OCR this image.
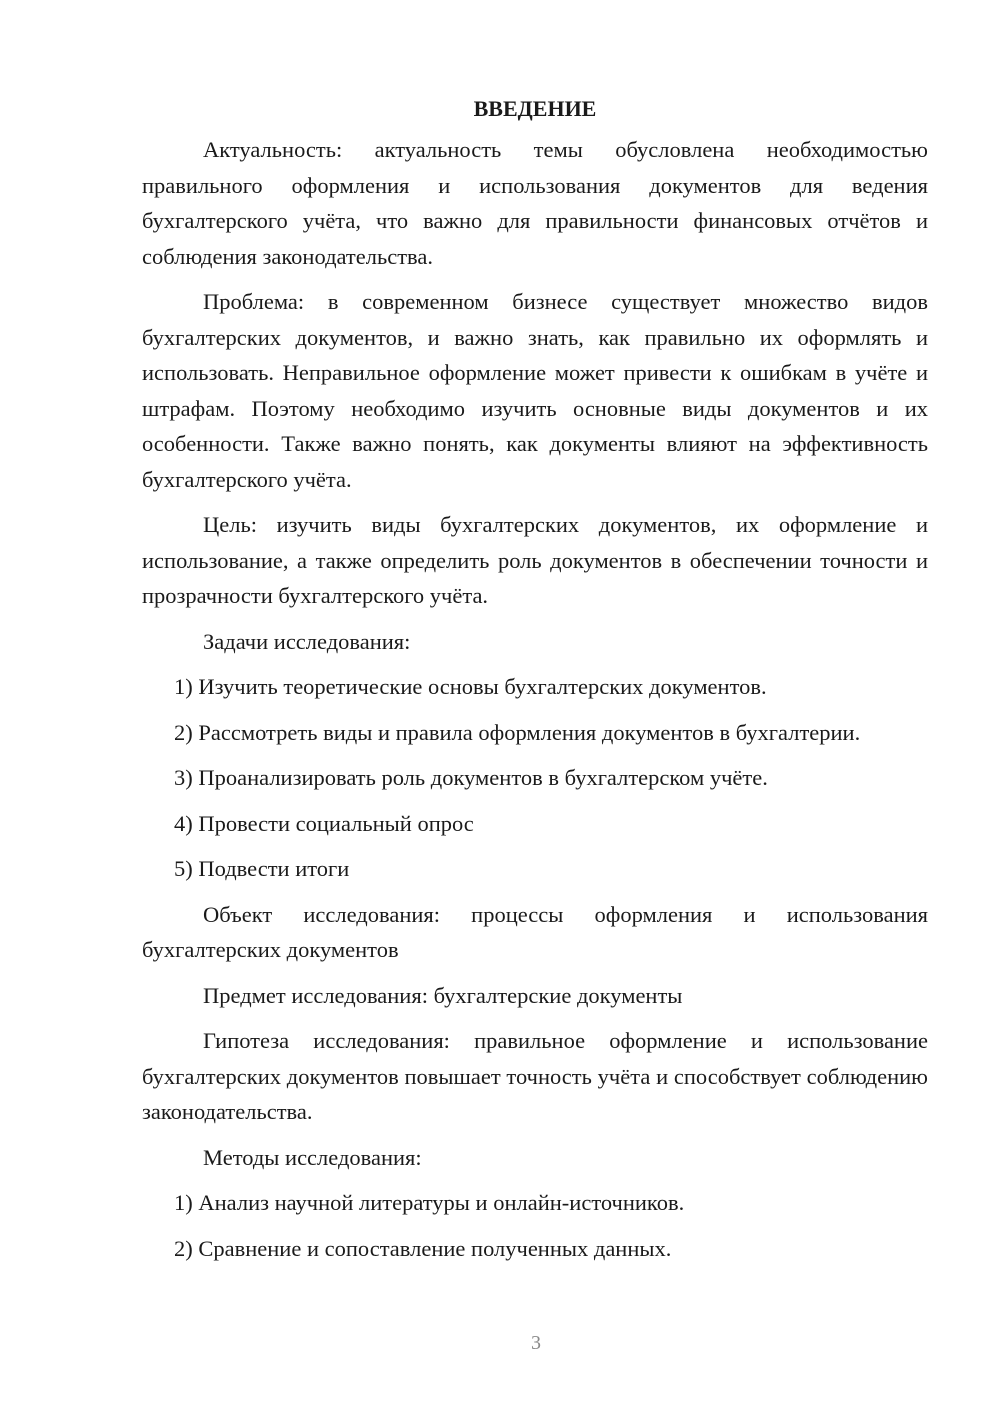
ВВЕДЕНИЕ

Актуальность: актуальность темы обусловлена необходимостью правильного оформления и использования документов для ведения бухгалтерского учёта, что важно для правильности финансовых отчётов и соблюдения законодательства.

Проблема: в современном бизнесе существует множество видов бухгалтерских документов, и важно знать, как правильно их оформлять и использовать. Неправильное оформление может привести к ошибкам в учёте и штрафам. Поэтому необходимо изучить основные виды документов и их особенности. Также важно понять, как документы влияют на эффективность бухгалтерского учёта.

Цель: изучить виды бухгалтерских документов, их оформление и использование, а также определить роль документов в обеспечении точности и прозрачности бухгалтерского учёта.

Задачи исследования:

1) Изучить теоретические основы бухгалтерских документов.

2) Рассмотреть виды и правила оформления документов в бухгалтерии.

3) Проанализировать роль документов в бухгалтерском учёте.

4) Провести социальный опрос

5) Подвести итоги

Объект исследования: процессы оформления и использования бухгалтерских документов

Предмет исследования: бухгалтерские документы

Гипотеза исследования: правильное оформление и использование бухгалтерских документов повышает точность учёта и способствует соблюдению законодательства.

Методы исследования:

1) Анализ научной литературы и онлайн-источников.

2) Сравнение и сопоставление полученных данных.

3
